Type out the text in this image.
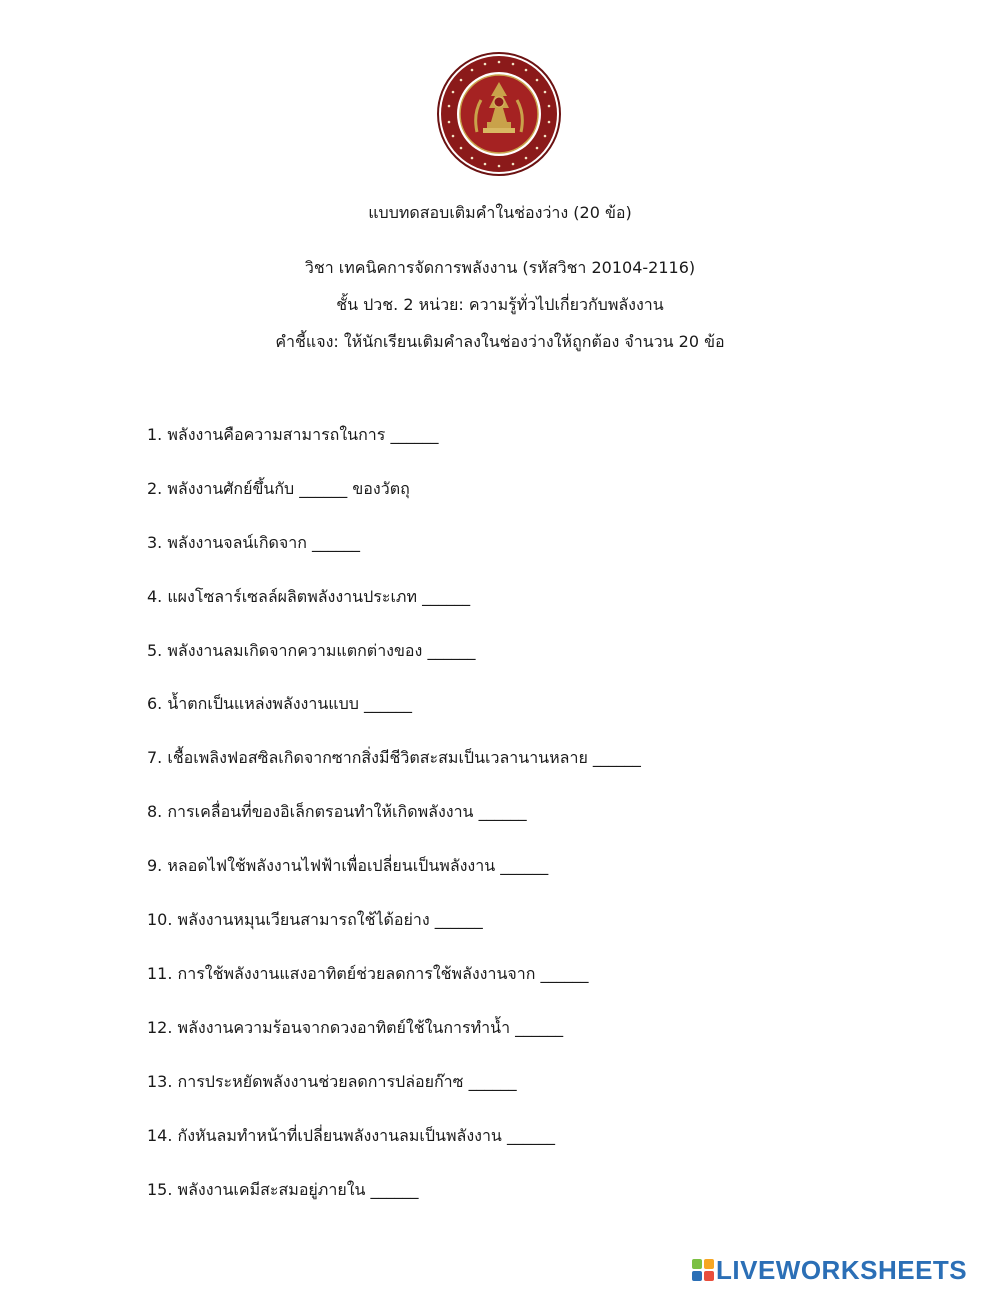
แบบทดสอบเติมคำในช่องว่าง (20 ข้อ)
วิชา เทคนิคการจัดการพลังงาน (รหัสวิชา 20104-2116)
ชั้น ปวช. 2 หน่วย: ความรู้ทั่วไปเกี่ยวกับพลังงาน
คำชี้แจง: ให้นักเรียนเติมคำลงในช่องว่างให้ถูกต้อง จำนวน 20 ข้อ
1. พลังงานคือความสามารถในการ ______
2. พลังงานศักย์ขึ้นกับ ______ ของวัตถุ
3. พลังงานจลน์เกิดจาก ______
4. แผงโซลาร์เซลล์ผลิตพลังงานประเภท ______
5. พลังงานลมเกิดจากความแตกต่างของ ______
6. น้ำตกเป็นแหล่งพลังงานแบบ ______
7. เชื้อเพลิงฟอสซิลเกิดจากซากสิ่งมีชีวิตสะสมเป็นเวลานานหลาย ______
8. การเคลื่อนที่ของอิเล็กตรอนทำให้เกิดพลังงาน ______
9. หลอดไฟใช้พลังงานไฟฟ้าเพื่อเปลี่ยนเป็นพลังงาน ______
10. พลังงานหมุนเวียนสามารถใช้ได้อย่าง ______
11. การใช้พลังงานแสงอาทิตย์ช่วยลดการใช้พลังงานจาก ______
12. พลังงานความร้อนจากดวงอาทิตย์ใช้ในการทำน้ำ ______
13. การประหยัดพลังงานช่วยลดการปล่อยก๊าซ ______
14. กังหันลมทำหน้าที่เปลี่ยนพลังงานลมเป็นพลังงาน ______
15. พลังงานเคมีสะสมอยู่ภายใน ______
LIVEWORKSHEETS
